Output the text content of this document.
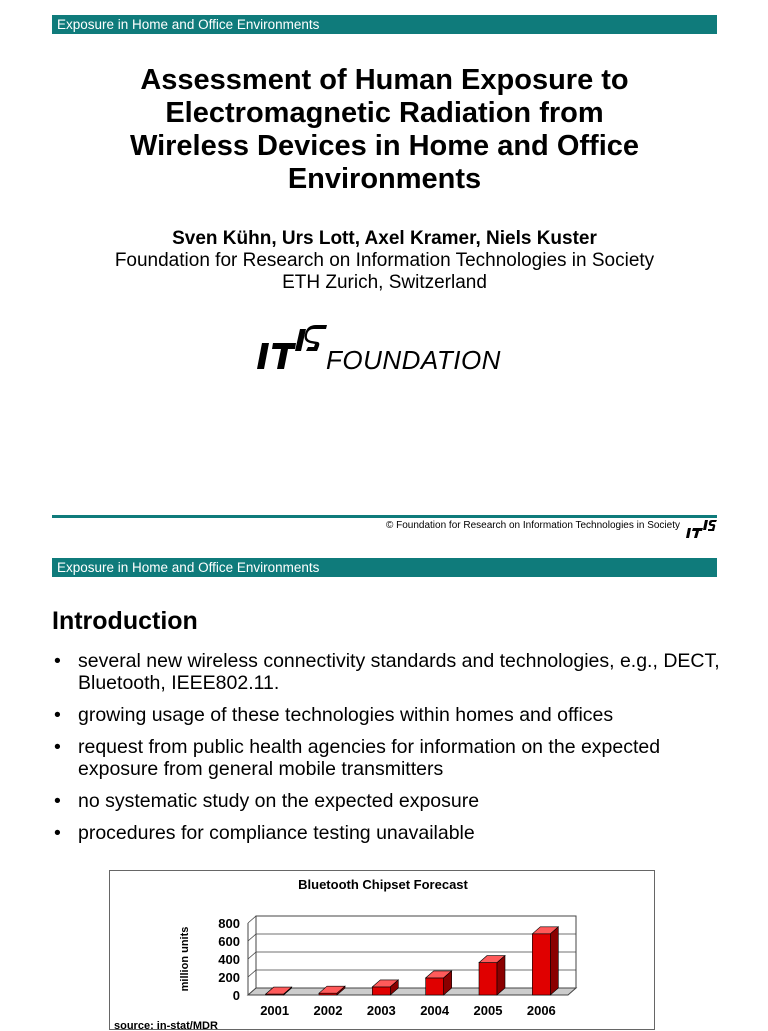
Exposure in Home and Office Environments
Assessment of Human Exposure to
Electromagnetic Radiation from
Wireless Devices in Home and Office
Environments
Sven Kühn, Urs Lott, Axel Kramer, Niels Kuster
Foundation for Research on Information Technologies in Society
ETH Zurich, Switzerland
FOUNDATION
© Foundation for Research on Information Technologies in Society
Exposure in Home and Office Environments
Introduction
• several new wireless connectivity standards and technologies, e.g., DECT, Bluetooth, IEEE802.11.
• growing usage of these technologies within homes and offices
• request from public health agencies for information on the expected exposure from general mobile transmitters
• no systematic study on the expected exposure
• procedures for compliance testing unavailable
Bluetooth Chipset Forecast
0
200
400
600
800
million units
2001 2002 2003 2004 2005 2006
source: in-stat/MDR
